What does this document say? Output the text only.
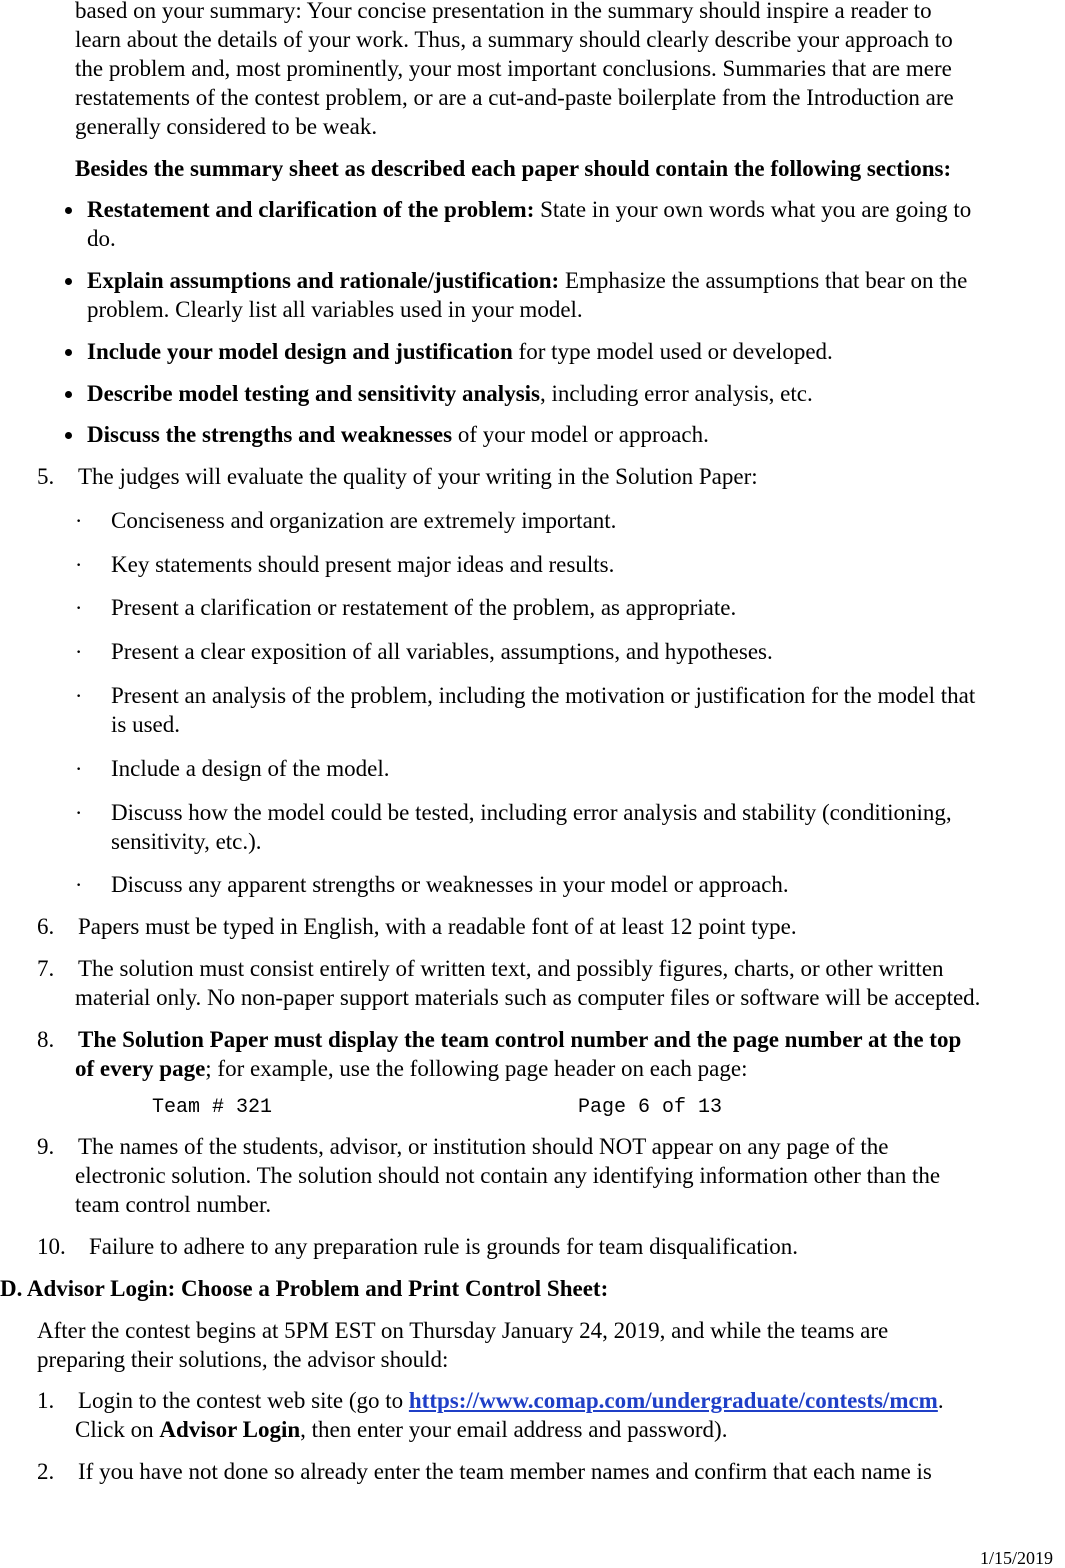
based on your summary: Your concise presentation in the summary should inspire a reader to
learn about the details of your work. Thus, a summary should clearly describe your approach to
the problem and, most prominently, your most important conclusions. Summaries that are mere
restatements of the contest problem, or are a cut-and-paste boilerplate from the Introduction are
generally considered to be weak.
Besides the summary sheet as described each paper should contain the following sections:
Restatement and clarification of the problem: State in your own words what you are going to
do.
Explain assumptions and rationale/justification: Emphasize the assumptions that bear on the
problem. Clearly list all variables used in your model.
Include your model design and justification for type model used or developed.
Describe model testing and sensitivity analysis, including error analysis, etc.
Discuss the strengths and weaknesses of your model or approach.
5. The judges will evaluate the quality of your writing in the Solution Paper:
· Conciseness and organization are extremely important.
· Key statements should present major ideas and results.
· Present a clarification or restatement of the problem, as appropriate.
· Present a clear exposition of all variables, assumptions, and hypotheses.
· Present an analysis of the problem, including the motivation or justification for the model that
is used.
· Include a design of the model.
· Discuss how the model could be tested, including error analysis and stability (conditioning,
sensitivity, etc.).
· Discuss any apparent strengths or weaknesses in your model or approach.
6. Papers must be typed in English, with a readable font of at least 12 point type.
7. The solution must consist entirely of written text, and possibly figures, charts, or other written
material only. No non-paper support materials such as computer files or software will be accepted.
8. The Solution Paper must display the team control number and the page number at the top
of every page; for example, use the following page header on each page:
Team # 321	Page 6 of 13
9. The names of the students, advisor, or institution should NOT appear on any page of the
electronic solution. The solution should not contain any identifying information other than the
team control number.
10. Failure to adhere to any preparation rule is grounds for team disqualification.
D. Advisor Login: Choose a Problem and Print Control Sheet:
After the contest begins at 5PM EST on Thursday January 24, 2019, and while the teams are
preparing their solutions, the advisor should:
1. Login to the contest web site (go to https://www.comap.com/undergraduate/contests/mcm.
Click on Advisor Login, then enter your email address and password).
2. If you have not done so already enter the team member names and confirm that each name is
1/15/2019
